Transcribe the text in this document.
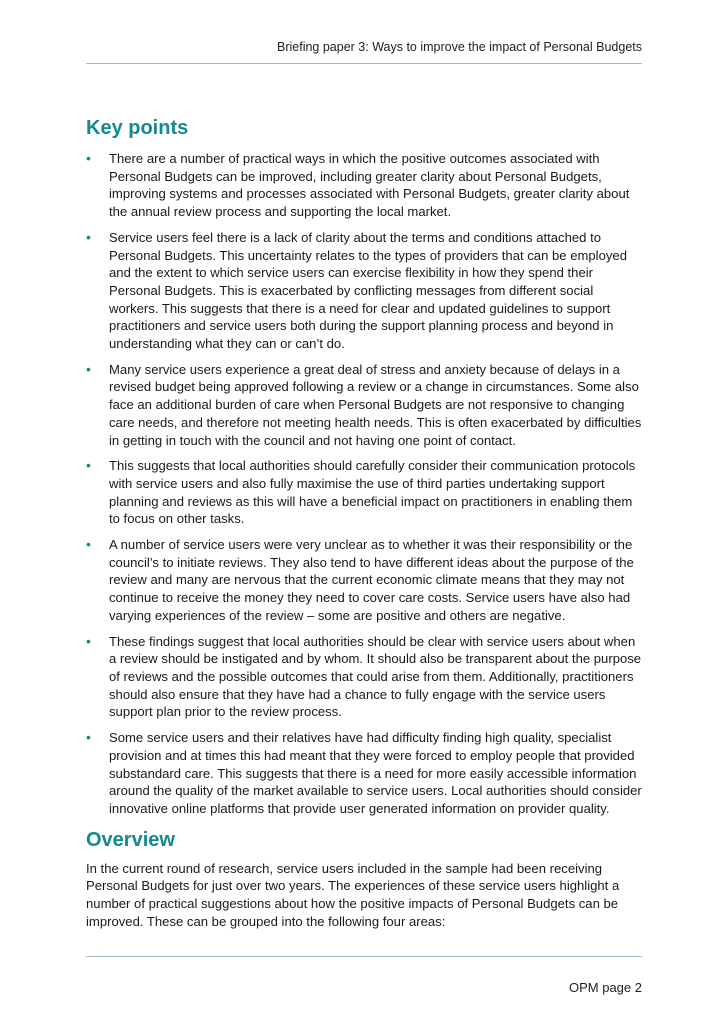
Briefing paper 3: Ways to improve the impact of Personal Budgets
Key points
• There are a number of practical ways in which the positive outcomes associated with Personal Budgets can be improved, including greater clarity about Personal Budgets, improving systems and processes associated with Personal Budgets, greater clarity about the annual review process and supporting the local market.
• Service users feel there is a lack of clarity about the terms and conditions attached to Personal Budgets. This uncertainty relates to the types of providers that can be employed and the extent to which service users can exercise flexibility in how they spend their Personal Budgets. This is exacerbated by conflicting messages from different social workers. This suggests that there is a need for clear and updated guidelines to support practitioners and service users both during the support planning process and beyond in understanding what they can or can’t do.
• Many service users experience a great deal of stress and anxiety because of delays in a revised budget being approved following a review or a change in circumstances. Some also face an additional burden of care when Personal Budgets are not responsive to changing care needs, and therefore not meeting health needs. This is often exacerbated by difficulties in getting in touch with the council and not having one point of contact.
• This suggests that local authorities should carefully consider their communication protocols with service users and also fully maximise the use of third parties undertaking support planning and reviews as this will have a beneficial impact on practitioners in enabling them to focus on other tasks.
• A number of service users were very unclear as to whether it was their responsibility or the council’s to initiate reviews. They also tend to have different ideas about the purpose of the review and many are nervous that the current economic climate means that they may not continue to receive the money they need to cover care costs. Service users have also had varying experiences of the review – some are positive and others are negative.
• These findings suggest that local authorities should be clear with service users about when a review should be instigated and by whom. It should also be transparent about the purpose of reviews and the possible outcomes that could arise from them. Additionally, practitioners should also ensure that they have had a chance to fully engage with the service users support plan prior to the review process.
• Some service users and their relatives have had difficulty finding high quality, specialist provision and at times this had meant that they were forced to employ people that provided substandard care. This suggests that there is a need for more easily accessible information around the quality of the market available to service users. Local authorities should consider innovative online platforms that provide user generated information on provider quality.
Overview

In the current round of research, service users included in the sample had been receiving Personal Budgets for just over two years. The experiences of these service users highlight a number of practical suggestions about how the positive impacts of Personal Budgets can be improved. These can be grouped into the following four areas:

OPM page 2
